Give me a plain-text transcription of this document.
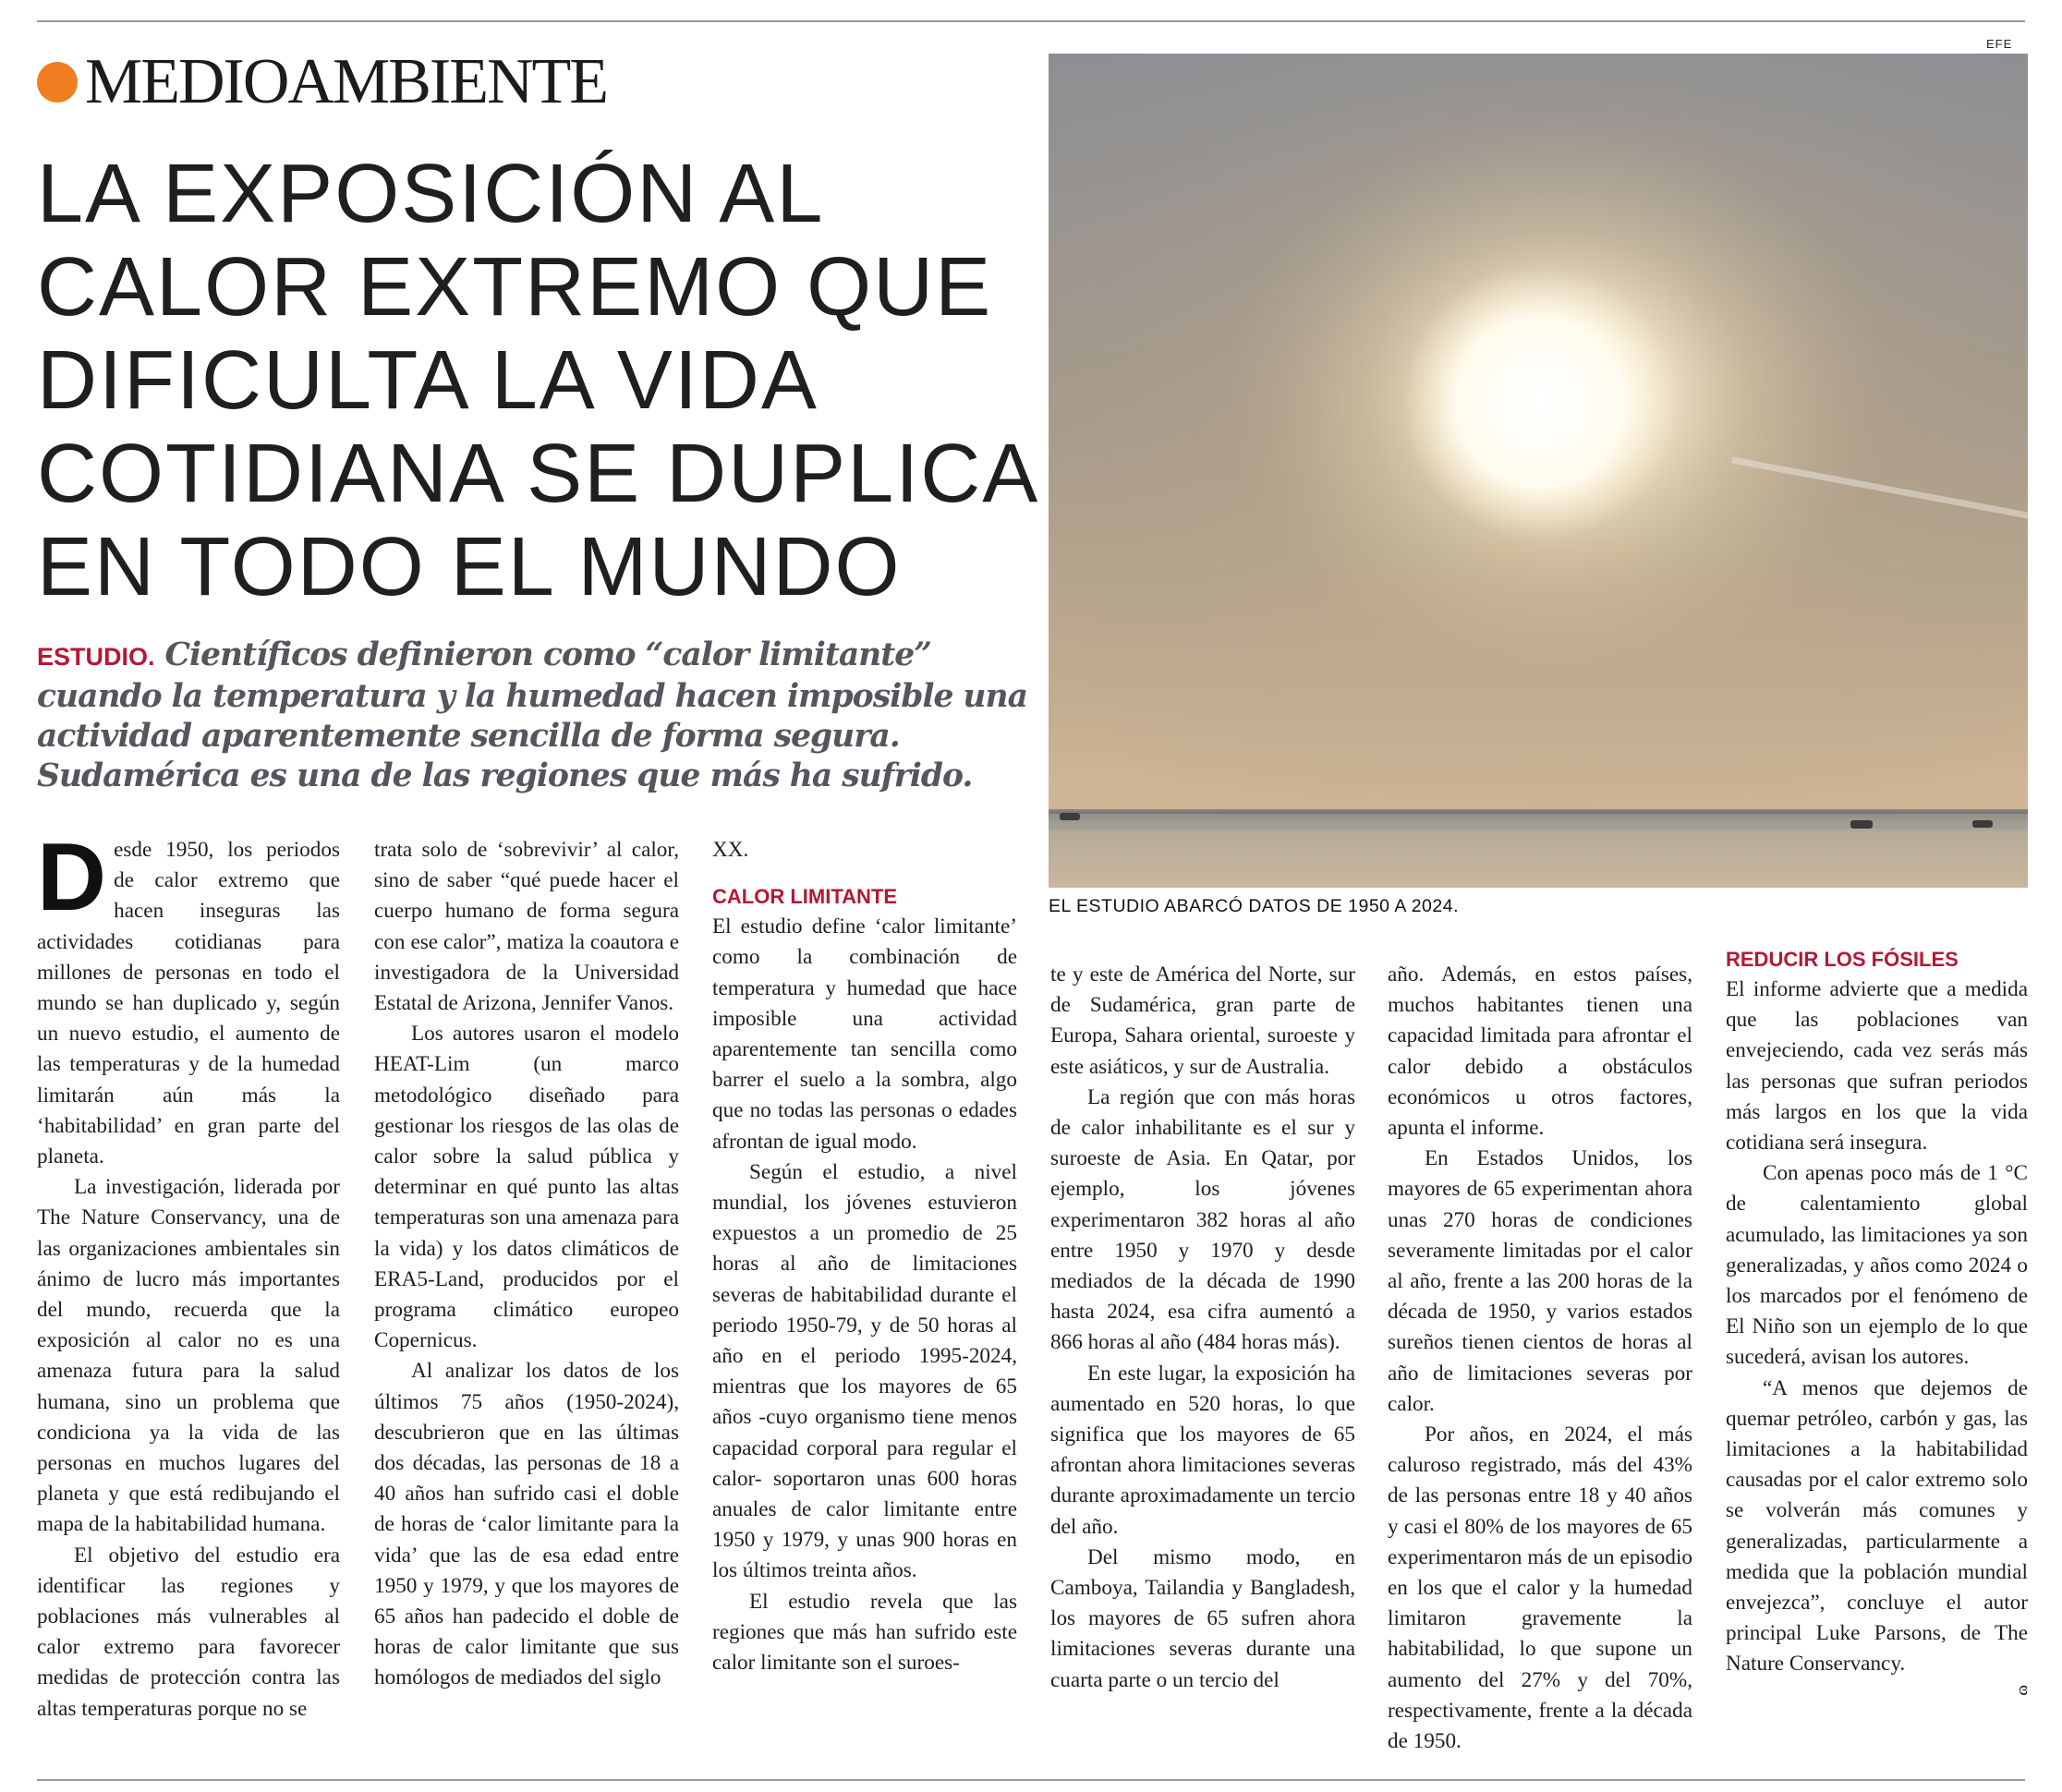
MEDIOAMBIENTE
LA EXPOSICIÓN AL
CALOR EXTREMO QUE
DIFICULTA LA VIDA
COTIDIANA SE DUPLICA
EN TODO EL MUNDO
ESTUDIO. Científicos definieron como “calor limitante” cuando la temperatura y la humedad hacen imposible una actividad aparentemente sencilla de forma segura. Sudamérica es una de las regiones que más ha sufrido.
EFE
EL ESTUDIO ABARCÓ DATOS DE 1950 A 2024.

Desde 1950, los periodos de calor extremo que hacen inseguras las actividades cotidianas para millones de personas en todo el mundo se han duplicado y, según un nuevo estudio, el aumento de las temperaturas y de la humedad limitarán aún más la ‘habitabilidad’ en gran parte del planeta.

La investigación, liderada por The Nature Conservancy, una de las organizaciones ambientales sin ánimo de lucro más importantes del mundo, recuerda que la exposición al calor no es una amenaza futura para la salud humana, sino un problema que condiciona ya la vida de las personas en muchos lugares del planeta y que está redibujando el mapa de la habitabilidad humana.

El objetivo del estudio era identificar las regiones y poblaciones más vulnerables al calor extremo para favorecer medidas de protección contra las altas temperaturas porque no se

trata solo de ‘sobrevivir’ al calor, sino de saber “qué puede hacer el cuerpo humano de forma segura con ese calor”, matiza la coautora e investigadora de la Universidad Estatal de Arizona, Jennifer Vanos.

Los autores usaron el modelo HEAT-Lim (un marco metodológico diseñado para gestionar los riesgos de las olas de calor sobre la salud pública y determinar en qué punto las altas temperaturas son una amenaza para la vida) y los datos climáticos de ERA5-Land, producidos por el programa climático europeo Copernicus.

Al analizar los datos de los últimos 75 años (1950-2024), descubrieron que en las últimas dos décadas, las personas de 18 a 40 años han sufrido casi el doble de horas de ‘calor limitante para la vida’ que las de esa edad entre 1950 y 1979, y que los mayores de 65 años han padecido el doble de horas de calor limitante que sus homólogos de mediados del siglo

XX.

CALOR LIMITANTE

El estudio define ‘calor limitante’ como la combinación de temperatura y humedad que hace imposible una actividad aparentemente tan sencilla como barrer el suelo a la sombra, algo que no todas las personas o edades afrontan de igual modo.

Según el estudio, a nivel mundial, los jóvenes estuvieron expuestos a un promedio de 25 horas al año de limitaciones severas de habitabilidad durante el periodo 1950-79, y de 50 horas al año en el periodo 1995-2024, mientras que los mayores de 65 años -cuyo organismo tiene menos capacidad corporal para regular el calor- soportaron unas 600 horas anuales de calor limitante entre 1950 y 1979, y unas 900 horas en los últimos treinta años.

El estudio revela que las regiones que más han sufrido este calor limitante son el suroes-

te y este de América del Norte, sur de Sudamérica, gran parte de Europa, Sahara oriental, suroeste y este asiáticos, y sur de Australia.

La región que con más horas de calor inhabilitante es el sur y suroeste de Asia. En Qatar, por ejemplo, los jóvenes experimentaron 382 horas al año entre 1950 y 1970 y desde mediados de la década de 1990 hasta 2024, esa cifra aumentó a 866 horas al año (484 horas más).

En este lugar, la exposición ha aumentado en 520 horas, lo que significa que los mayores de 65 afrontan ahora limitaciones severas durante aproximadamente un tercio del año.

Del mismo modo, en Camboya, Tailandia y Bangladesh, los mayores de 65 sufren ahora limitaciones severas durante una cuarta parte o un tercio del

año. Además, en estos países, muchos habitantes tienen una capacidad limitada para afrontar el calor debido a obstáculos económicos u otros factores, apunta el informe.

En Estados Unidos, los mayores de 65 experimentan ahora unas 270 horas de condiciones severamente limitadas por el calor al año, frente a las 200 horas de la década de 1950, y varios estados sureños tienen cientos de horas al año de limitaciones severas por calor.

Por años, en 2024, el más caluroso registrado, más del 43% de las personas entre 18 y 40 años y casi el 80% de los mayores de 65 experimentaron más de un episodio en los que el calor y la humedad limitaron gravemente la habitabilidad, lo que supone un aumento del 27% y del 70%, respectivamente, frente a la década de 1950.

REDUCIR LOS FÓSILES

El informe advierte que a medida que las poblaciones van envejeciendo, cada vez serás más las personas que sufran periodos más largos en los que la vida cotidiana será insegura.

Con apenas poco más de 1 °C de calentamiento global acumulado, las limitaciones ya son generalizadas, y años como 2024 o los marcados por el fenómeno de El Niño son un ejemplo de lo que sucederá, avisan los autores.

“A menos que dejemos de quemar petróleo, carbón y gas, las limitaciones a la habitabilidad causadas por el calor extremo solo se volverán más comunes y generalizadas, particularmente a medida que la población mundial envejezca”, concluye el autor principal Luke Parsons, de The Nature Conservancy.

ɞ
